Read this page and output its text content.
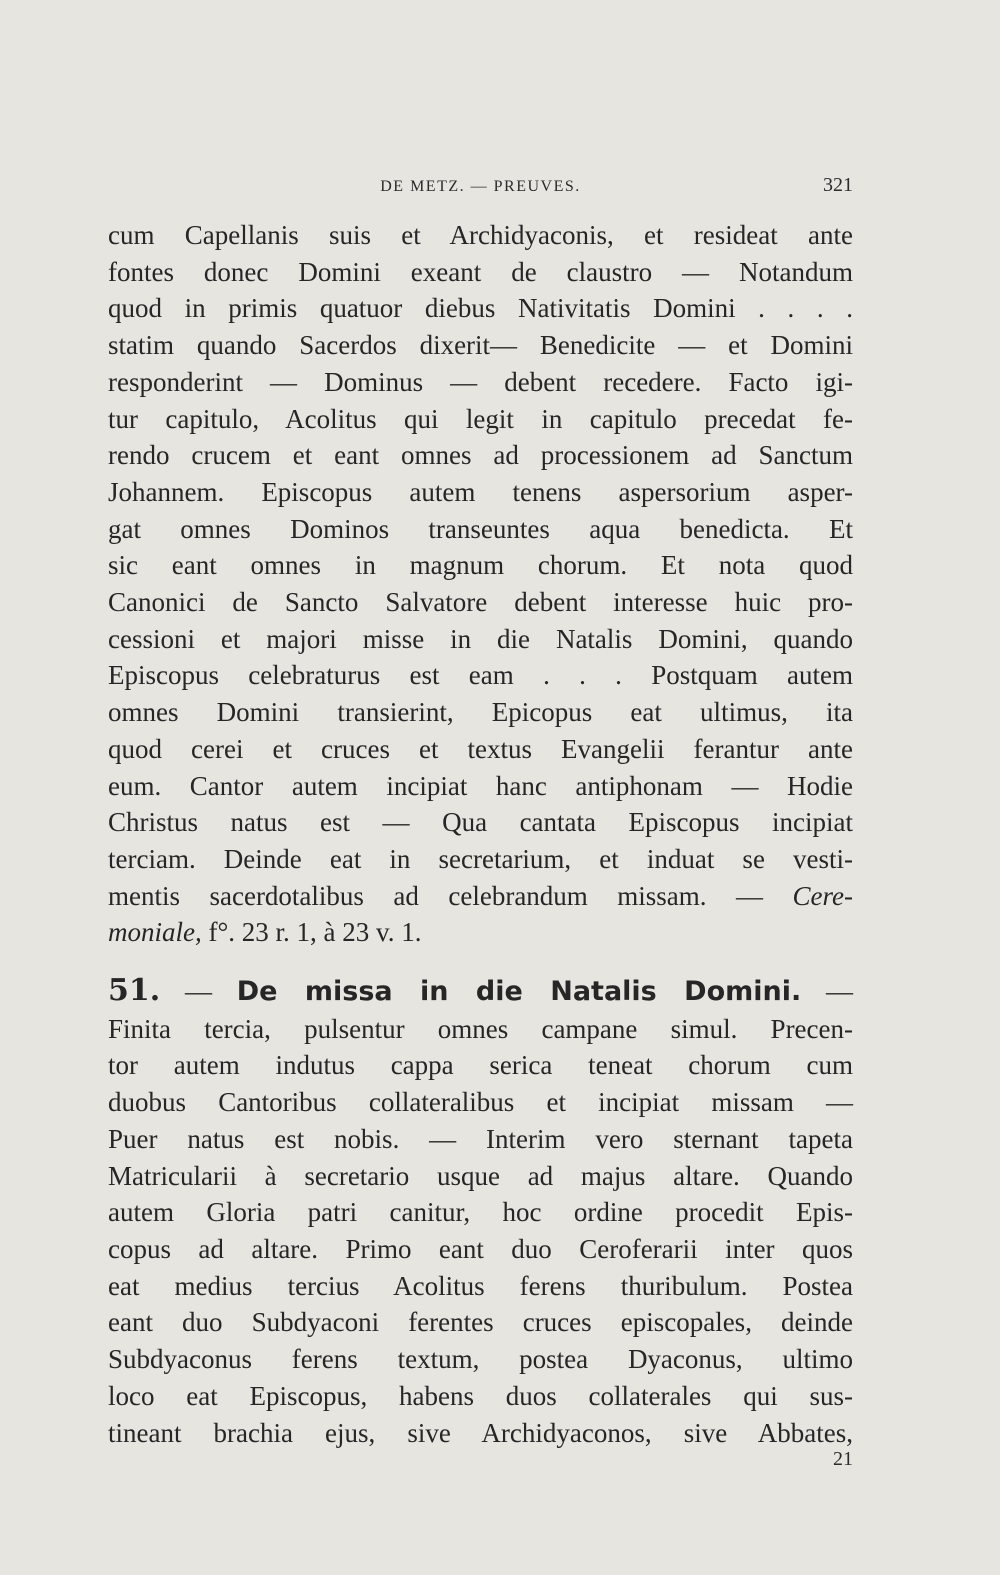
DE METZ. — PREUVES.	321
cum Capellanis suis et Archidyaconis, et resideat ante
fontes donec Domini exeant de claustro — Notandum
quod in primis quatuor diebus Nativitatis Domini . . . .
statim quando Sacerdos dixerit— Benedicite — et Domini
responderint — Dominus — debent recedere. Facto igi-
tur capitulo, Acolitus qui legit in capitulo precedat fe-
rendo crucem et eant omnes ad processionem ad Sanctum
Johannem. Episcopus autem tenens aspersorium asper-
gat omnes Dominos transeuntes aqua benedicta. Et
sic eant omnes in magnum chorum. Et nota quod
Canonici de Sancto Salvatore debent interesse huic pro-
cessioni et majori misse in die Natalis Domini, quando
Episcopus celebraturus est eam . . . Postquam autem
omnes Domini transierint, Epicopus eat ultimus, ita
quod cerei et cruces et textus Evangelii ferantur ante
eum. Cantor autem incipiat hanc antiphonam — Hodie
Christus natus est — Qua cantata Episcopus incipiat
terciam. Deinde eat in secretarium, et induat se vesti-
mentis sacerdotalibus ad celebrandum missam. — Cere-
moniale, f°. 23 r. 1, à 23 v. 1.
51. — De missa in die Natalis Domini. —
Finita tercia, pulsentur omnes campane simul. Precen-
tor autem indutus cappa serica teneat chorum cum
duobus Cantoribus collateralibus et incipiat missam —
Puer natus est nobis. — Interim vero sternant tapeta
Matricularii à secretario usque ad majus altare. Quando
autem Gloria patri canitur, hoc ordine procedit Epis-
copus ad altare. Primo eant duo Ceroferarii inter quos
eat medius tercius Acolitus ferens thuribulum. Postea
eant duo Subdyaconi ferentes cruces episcopales, deinde
Subdyaconus ferens textum, postea Dyaconus, ultimo
loco eat Episcopus, habens duos collaterales qui sus-
tineant brachia ejus, sive Archidyaconos, sive Abbates,
21
